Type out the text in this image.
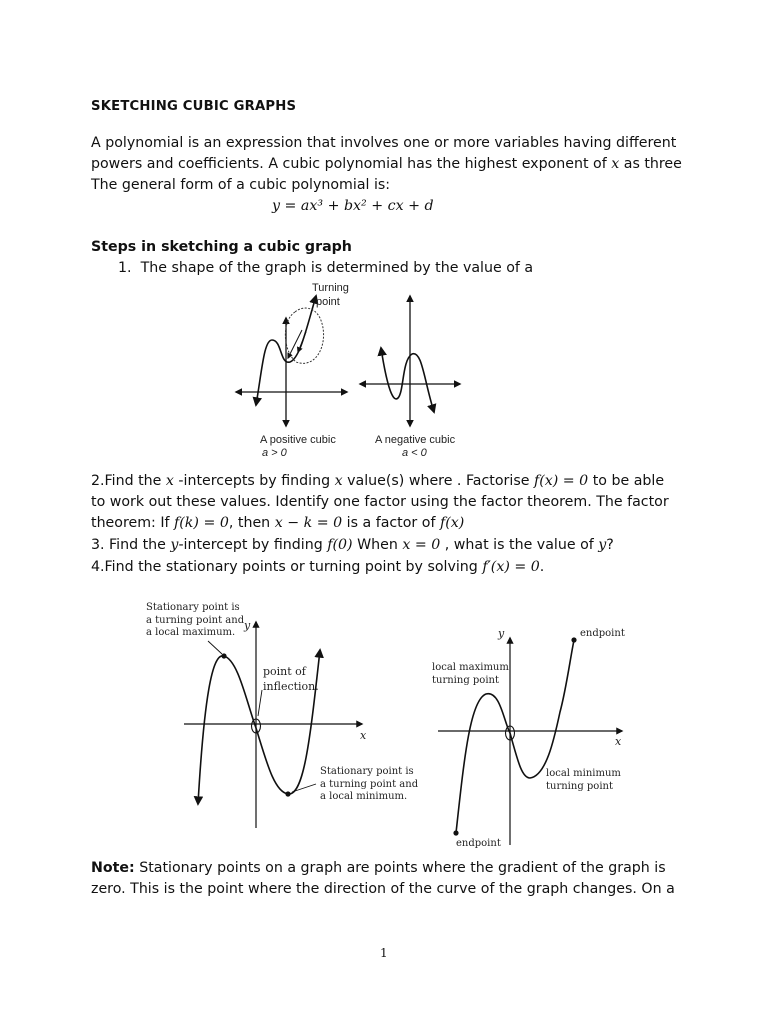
SKETCHING CUBIC GRAPHS
A polynomial is an expression that involves one or more variables having different
powers and coefficients. A cubic polynomial has the highest exponent of x as three
The general form of a cubic polynomial is:
y = ax³ + bx² + cx + d
Steps in sketching a cubic graph
1. The shape of the graph is determined by the value of a
Turning
point
A positive cubic
a > 0
A negative cubic
a < 0
2.Find the x -intercepts by finding x value(s) where . Factorise f(x) = 0 to be able
to work out these values. Identify one factor using the factor theorem. The factor
theorem: If f(k) = 0, then x − k = 0 is a factor of f(x)
3. Find the y-intercept by finding f(0) When x = 0 , what is the value of y?
4.Find the stationary points or turning point by solving f′(x) = 0.
Stationary point is
a turning point and
a local maximum.
y
x
point of
inflection.
Stationary point is
a turning point and
a local minimum.
y
x
endpoint
local maximum
turning point
local minimum
turning point
endpoint
Note: Stationary points on a graph are points where the gradient of the graph is
zero. This is the point where the direction of the curve of the graph changes. On a
1
